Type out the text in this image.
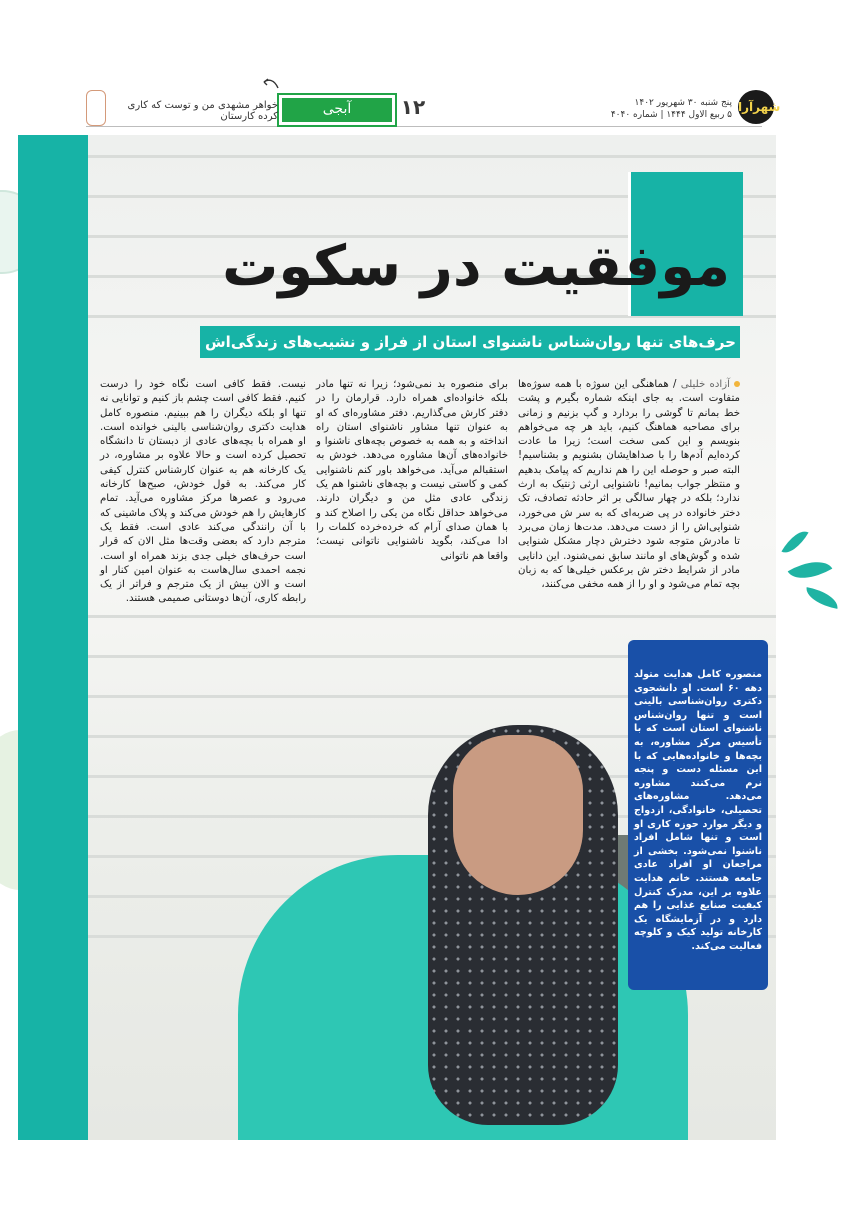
شهرآرا
پنج شنبه ۳۰ شهریور ۱۴۰۲
۵ ربیع الاول ۱۴۴۴ | شماره ۴۰۴۰
۱۲
آبجی
خواهر مشهدی من و توست که کاری کرده کارستان
موفقیت در سکوت
حرف‌های تنها روان‌شناس ناشنوای استان از فراز و نشیب‌های زندگی‌اش

آزاده خلیلی / هماهنگی این سوژه با همه سوژه‌ها متفاوت است. به جای اینکه شماره بگیرم و پشت خط بمانم تا گوشی را بردارد و گپ بزنیم و زمانی برای مصاحبه هماهنگ کنیم، باید هر چه می‌خواهم بنویسم و این کمی سخت است؛ زیرا ما عادت کرده‌ایم آدم‌ها را با صداهایشان بشنویم و بشناسیم! البته صبر و حوصله این را هم نداریم که پیامک بدهیم و منتظر جواب بمانیم! ناشنوایی ارثی ژنتیک به ارث ندارد؛ بلکه در چهار سالگی بر اثر حادثه تصادف، تک دختر خانواده در پی ضربه‌ای که به سر ش می‌خورد، شنوایی‌اش را از دست می‌دهد. مدت‌ها زمان می‌برد تا مادرش متوجه شود دخترش دچار مشکل شنوایی شده و گوش‌های او مانند سابق نمی‌شنود. این دانایی مادر از شرایط دختر ش برعکس خیلی‌ها که به زبان بچه تمام می‌شود و او را از همه مخفی می‌کنند،

برای منصوره بد نمی‌شود؛ زیرا نه تنها مادر بلکه خانواده‌ای همراه دارد. قرارمان را در دفتر کارش می‌گذاریم. دفتر مشاوره‌ای که او به عنوان تنها مشاور ناشنوای استان راه انداخته و به همه به خصوص بچه‌های ناشنوا و خانواده‌های آن‌ها مشاوره می‌دهد. خودش به استقبالم می‌آید. می‌خواهد باور کنم ناشنوایی کمی و کاستی نیست و بچه‌های ناشنوا هم یک زندگی عادی مثل من و دیگران دارند. می‌خواهد حداقل نگاه من یکی را اصلاح کند و با همان صدای آرام که خرده‌خرده کلمات را ادا می‌کند، بگوید ناشنوایی ناتوانی نیست؛ واقعا هم ناتوانی

نیست. فقط کافی است نگاه خود را درست کنیم. فقط کافی است چشم باز کنیم و توانایی نه تنها او بلکه دیگران را هم ببینیم. منصوره کامل هدایت دکتری روان‌شناسی بالینی خوانده است. او همراه با بچه‌های عادی از دبستان تا دانشگاه تحصیل کرده است و حالا علاوه بر مشاوره، در یک کارخانه هم به عنوان کارشناس کنترل کیفی کار می‌کند. به قول خودش، صبح‌ها کارخانه می‌رود و عصرها مرکز مشاوره می‌آید. تمام کارهایش را هم خودش می‌کند و پلاک ماشینی که با آن رانندگی می‌کند عادی است. فقط یک مترجم دارد که بعضی وقت‌ها مثل الان که قرار است حرف‌های خیلی جدی بزند همراه او است. نجمه احمدی سال‌هاست به عنوان امین کنار او است و الان بیش از یک مترجم و فراتر از یک رابطه کاری، آن‌ها دوستانی صمیمی هستند.

منصوره کامل هدایت متولد دهه ۶۰ است. او دانشجوی دکتری روان‌شناسی بالینی است و تنها روان‌شناس ناشنوای استان است که با تأسیس مرکز مشاوره، به بچه‌ها و خانواده‌هایی که با این مسئله دست و پنجه نرم می‌کنند مشاوره می‌دهد. مشاوره‌های تحصیلی، خانوادگی، ازدواج و دیگر موارد حوزه کاری او است و تنها شامل افراد ناشنوا نمی‌شود. بخشی از مراجعان او افراد عادی جامعه هستند. خانم هدایت علاوه بر این، مدرک کنترل کیفیت صنایع غذایی را هم دارد و در آزمایشگاه یک کارخانه تولید کیک و کلوچه فعالیت می‌کند.
